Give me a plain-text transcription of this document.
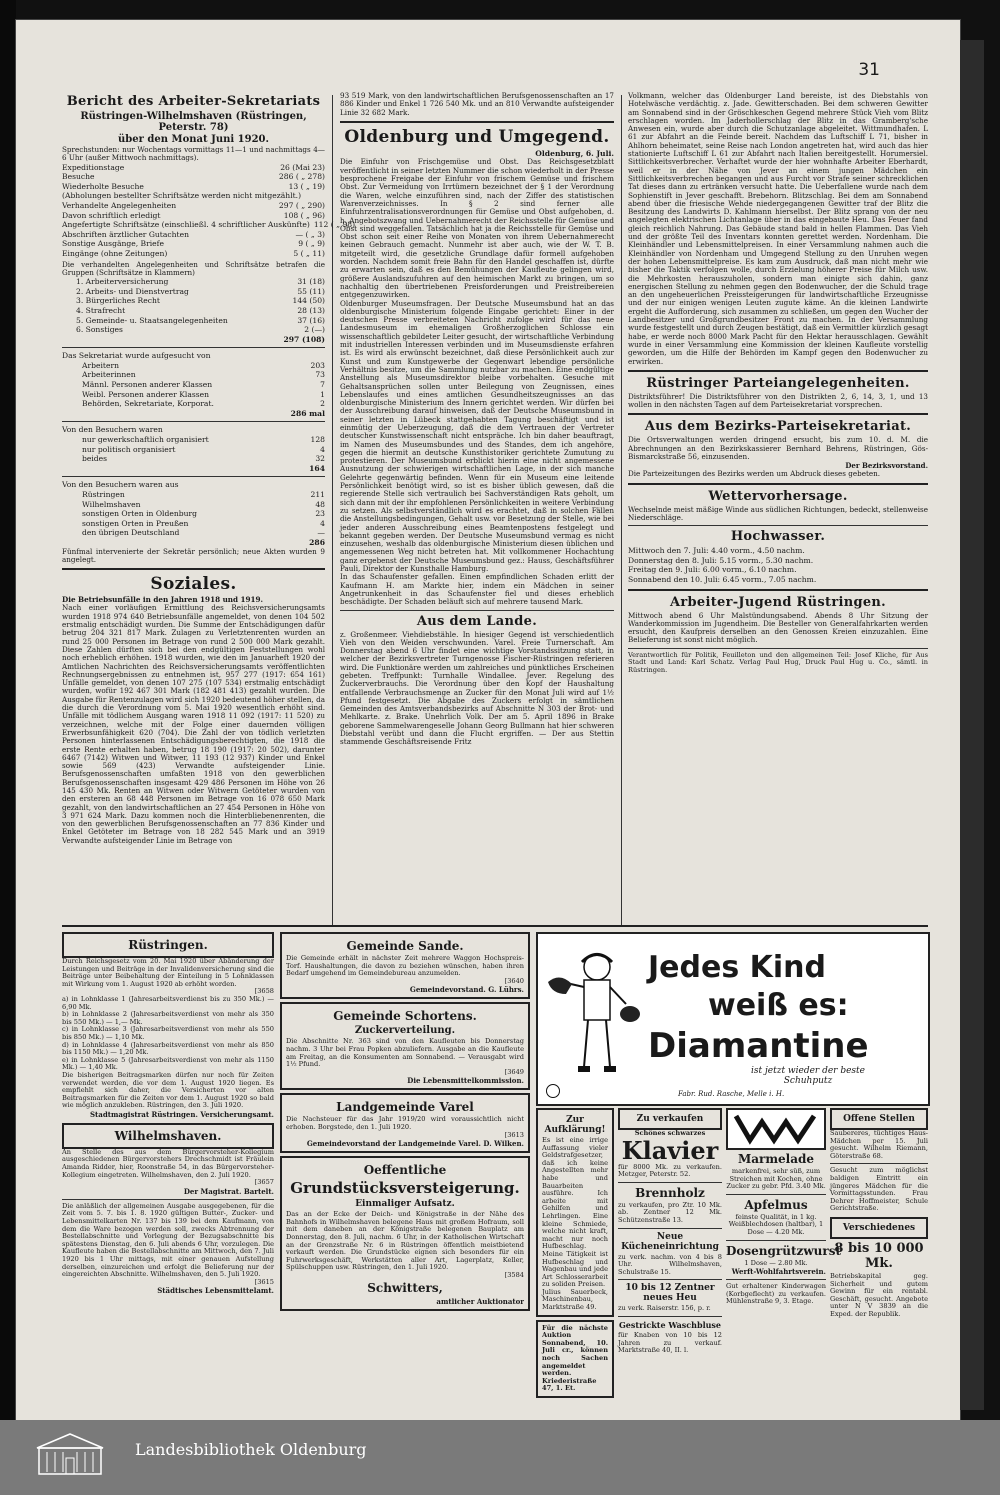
31
Bericht des Arbeiter-Sekretariats
Rüstringen-Wilhelmshaven (Rüstringen, Peterstr. 78)
über den Monat Juni 1920.
Sprechstunden: nur Wochentags vormittags 11—1 und nachmittags 4—6 Uhr (außer Mittwoch nachmittags).
Expeditionstage	26 (Mai 23)
Besuche	286 ( „ 278)
Wiederholte Besuche	13 ( „ 19)
(Abholungen bestellter Schriftsätze werden nicht mitgezählt.)
Verhandelte Angelegenheiten	297 ( „ 290)
Davon schriftlich erledigt	108 ( „ 96)
Angefertigte Schriftsätze (einschließl. 4 schriftlicher Auskünfte) 112 ( „ 98)
Abschriften ärztlicher Gutachten	— ( „ 3)
Sonstige Ausgänge, Briefe	9 ( „ 9)
Eingänge (ohne Zeitungen)	5 ( „ 11)
Die verhandelten Angelegenheiten und Schriftsätze betrafen die Gruppen (Schriftsätze in Klammern)
1. Arbeiterversicherung	31 (18)
2. Arbeits- und Dienstvertrag	55 (11)
3. Bürgerliches Recht	144 (50)
4. Strafrecht	28 (13)
5. Gemeinde- u. Staatsangelegenheiten	37 (16)
6. Sonstiges	2 (—)
297 (108)
Das Sekretariat wurde aufgesucht von
Arbeitern	203
Arbeiterinnen	73
Männl. Personen anderer Klassen	7
Weibl. Personen anderer Klassen	1
Behörden, Sekretariate, Korporat.	2
286 mal
Von den Besuchern waren
nur gewerkschaftlich organisiert	128
nur politisch organisiert	4
beides	32
164
Von den Besuchern waren aus
Rüstringen	211
Wilhelmshaven	48
sonstigen Orten in Oldenburg	23
sonstigen Orten in Preußen	4
den übrigen Deutschland	—
286
Fünfmal intervenierte der Sekretär persönlich; neue Akten wurden 9 angelegt.
Soziales.
Die Betriebsunfälle in den Jahren 1918 und 1919.
Nach einer vorläufigen Ermittlung des Reichsversicherungsamts wurden 1918 974 640 Betriebsunfälle angemeldet, von denen 104 502 erstmalig entschädigt wurden. Die Summe der Entschädigungen dafür betrug 204 321 817 Mark. Zulagen zu Verletztenrenten wurden an rund 25 000 Personen im Betrage von rund 2 500 000 Mark gezahlt. Diese Zahlen dürften sich bei den endgültigen Feststellungen wohl noch erheblich erhöhen. 1918 wurden, wie den im Januarheft 1920 der Amtlichen Nachrichten des Reichsversicherungsamts veröffentlichten Rechnungsergebnissen zu entnehmen ist, 957 277 (1917: 654 161) Unfälle gemeldet, von denen 107 275 (107 534) erstmalig entschädigt wurden, wofür 192 467 301 Mark (182 481 413) gezahlt wurden. Die Ausgabe für Rentenzulagen wird sich 1920 bedeutend höher stellen, da die durch die Verordnung vom 5. Mai 1920 wesentlich erhöht sind. Unfälle mit tödlichem Ausgang waren 1918 11 092 (1917: 11 520) zu verzeichnen, welche mit der Folge einer dauernden völligen Erwerbsunfähigkeit 620 (704). Die Zahl der von tödlich verletzten Personen hinterlassenen Entschädigungsberechtigten, die 1918 die erste Rente erhalten haben, betrug 18 190 (1917: 20 502), darunter 6467 (7142) Witwen und Witwer, 11 193 (12 937) Kinder und Enkel sowie 569 (423) Verwandte aufsteigender Linie. Berufsgenossenschaften umfaßten 1918 von den gewerblichen Berufsgenossenschaften insgesamt 429 486 Personen im Höhe von 26 145 430 Mk. Renten an Witwen oder Witwern Getöteter wurden von den ersteren an 68 448 Personen im Betrage von 16 078 650 Mark gezahlt, von den landwirtschaftlichen an 27 454 Personen in Höhe von 3 971 624 Mark. Dazu kommen noch die Hinterbliebenenrenten, die von den gewerblichen Berufsgenossenschaften an 77 836 Kinder und Enkel Getöteter im Betrage von 18 282 545 Mark und an 3919 Verwandte aufsteigender Linie im Betrage von
93 519 Mark, von den landwirtschaftlichen Berufsgenossenschaften an 17 886 Kinder und Enkel 1 726 540 Mk. und an 810 Verwandte aufsteigender Linie 32 682 Mark.
Oldenburg und Umgegend.
Oldenburg, 6. Juli.
Die Einfuhr von Frischgemüse und Obst. Das Reichsgesetzblatt veröffentlicht in seiner letzten Nummer die schon wiederholt in der Presse besprochene Freigabe der Einfuhr von frischem Gemüse und frischem Obst. Zur Vermeidung von Irrtümern bezeichnet der § 1 der Verordnung die Waren, welche einzuführen sind, nach der Ziffer des statistischen Warenverzeichnisses. In § 2 sind ferner alle Einfuhrzentralisationsverordnungen für Gemüse und Obst aufgehoben, d. h. Angebotszwang und Uebernahmerecht der Reichsstelle für Gemüse und Obst sind weggefallen. Tatsächlich hat ja die Reichsstelle für Gemüse und Obst schon seit einer Reihe von Monaten von ihrem Uebernahmerecht keinen Gebrauch gemacht. Nunmehr ist aber auch, wie der W. T. B. mitgeteilt wird, die gesetzliche Grundlage dafür formell aufgehoben worden. Nachdem somit freie Bahn für den Handel geschaffen ist, dürfte zu erwarten sein, daß es den Bemühungen der Kaufleute gelingen wird, größere Auslandszufuhren auf den heimischen Markt zu bringen, um so nachhaltig den übertriebenen Preisforderungen und Preistreibereien entgegenzuwirken.
Oldenburger Museumsfragen. Der Deutsche Museumsbund hat an das oldenburgische Ministerium folgende Eingabe gerichtet: Einer in der deutschen Presse verbreiteten Nachricht zufolge wird für das neue Landesmuseum im ehemaligen Großherzoglichen Schlosse ein wissenschaftlich gebildeter Leiter gesucht, der wirtschaftliche Verbindung mit industriellen Interessen verbinden und im Museumsdienste erfahren ist. Es wird als erwünscht bezeichnet, daß diese Persönlichkeit auch zur Kunst und zum Kunstgewerbe der Gegenwart lebendige persönliche Verhältnis besitze, um die Sammlung nutzbar zu machen. Eine endgültige Anstellung als Museumsdirektor bleibe vorbehalten. Gesuche mit Gehaltsansprüchen sollen unter Beilegung von Zeugnissen, eines Lebenslaufes und eines amtlichen Gesundheitszeugnisses an das oldenburgische Ministerium des Innern gerichtet werden. Wir dürfen bei der Ausschreibung darauf hinweisen, daß der Deutsche Museumsbund in seiner letzten in Lübeck stattgehabten Tagung beschäftigt und ist einmütig der Ueberzeugung, daß die dem Vertrauen der Vertreter deutscher Kunstwissenschaft nicht entspräche. Ich bin daher beauftragt, im Namen des Museumsbundes und des Standes, dem ich angehöre, gegen die hiermit an deutsche Kunsthistoriker gerichtete Zumutung zu protestieren. Der Museumsbund erblickt hierin eine nicht angemessene Ausnutzung der schwierigen wirtschaftlichen Lage, in der sich manche Gelehrte gegenwärtig befinden. Wenn für ein Museum eine leitende Persönlichkeit benötigt wird, so ist es bisher üblich gewesen, daß die regierende Stelle sich vertraulich bei Sachverständigen Rats geholt, um sich dann mit der ihr empfohlenen Persönlichkeiten in weitere Verbindung zu setzen. Als selbstverständlich wird es erachtet, daß in solchen Fällen die Anstellungsbedingungen, Gehalt usw. vor Besetzung der Stelle, wie bei jeder anderen Ausschreibung eines Beamtenpostens festgelegt und bekannt gegeben werden. Der Deutsche Museumsbund vermag es nicht einzusehen, weshalb das oldenburgische Ministerium diesen üblichen und angemessenen Weg nicht betreten hat. Mit vollkommener Hochachtung ganz ergebenst der Deutsche Museumsbund gez.: Hauss, Geschäftsführer Pauli, Direktor der Kunsthalle Hamburg.
In das Schaufenster gefallen. Einen empfindlichen Schaden erlitt der Kaufmann H. am Markte hier, indem ein Mädchen in seiner Angetrunkenheit in das Schaufenster fiel und dieses erheblich beschädigte. Der Schaden beläuft sich auf mehrere tausend Mark.
Aus dem Lande.
z. Großenmeer. Viehdiebstähle. In hiesiger Gegend ist verschiedentlich Vieh von den Weiden verschwunden. Varel. Freie Turnerschaft. Am Donnerstag abend 6 Uhr findet eine wichtige Vorstandssitzung statt, in welcher der Bezirksvertreter Turngenosse Fischer-Rüstringen referieren wird. Die Funktionäre werden um zahlreiches und pünktliches Erscheinen gebeten. Treffpunkt: Turnhalle Windallee. Jever. Regelung des Zuckerverbrauchs. Die Verordnung über den Kopf der Haushaltung entfallende Verbrauchsmenge an Zucker für den Monat Juli wird auf 1½ Pfund festgesetzt. Die Abgabe des Zuckers erfolgt in sämtlichen Gemeinden des Amtsverbandsbezirks auf Abschnitte N 303 der Brot- und Mehlkarte. z. Brake. Unehrlich Volk. Der am 5. April 1896 in Brake geborene Sammelwarengeselle Johann Georg Bullmann hat hier schweren Diebstahl verübt und dann die Flucht ergriffen. — Der aus Stettin stammende Geschäftsreisende Fritz
Volkmann, welcher das Oldenburger Land bereiste, ist des Diebstahls von Hotelwäsche verdächtig. z. Jade. Gewitterschaden. Bei dem schweren Gewitter am Sonnabend sind in der Gröschkeschen Gegend mehrere Stück Vieh vom Blitz erschlagen worden. Im Jaderhollerschlag der Blitz in das Gramberg'sche Anwesen ein, wurde aber durch die Schutzanlage abgeleitet. Wittmundhafen. L 61 zur Abfahrt an die Feinde bereit. Nachdem das Luftschiff L 71, bisher in Ahlhorn beheimatet, seine Reise nach London angetreten hat, wird auch das hier stationierte Luftschiff L 61 zur Abfahrt nach Italien bereitgestellt. Horumersiel. Sittlichkeitsverbrecher. Verhaftet wurde der hier wohnhafte Arbeiter Eberhardt, weil er in der Nähe von Jever an einem jungen Mädchen ein Sittlichkeitsverbrechen begangen und aus Furcht vor Strafe seiner schrecklichen Tat dieses dann zu ertränken versucht hatte. Die Ueberfallene wurde nach dem Sophienstift in Jever geschafft. Brebehorn. Blitzschlag. Bei dem am Sonnabend abend über die friesische Wehde niedergegangenen Gewitter traf der Blitz die Besitzung des Landwirts D. Kahlmann hierselbst. Der Blitz sprang von der neu angelegten elektrischen Lichtanlage über in das eingebaute Heu. Das Feuer fand gleich reichlich Nahrung. Das Gebäude stand bald in hellen Flammen. Das Vieh und der größte Teil des Inventars konnten gerettet werden. Nordenham. Die Kleinhändler und Lebensmittelpreisen. In einer Versammlung nahmen auch die Kleinhändler von Nordenham und Umgegend Stellung zu den Unruhen wegen der hohen Lebensmittelpreise. Es kam zum Ausdruck, daß man nicht mehr wie bisher die Taktik verfolgen wolle, durch Erzielung höherer Preise für Milch usw. die Mehrkosten herauszuholen, sondern man einigte sich dahin, ganz energischen Stellung zu nehmen gegen den Bodenwucher, der die Schuld trage an den ungeheuerlichen Preissteigerungen für landwirtschaftliche Erzeugnisse und der nur einigen wenigen Leuten zugute käme. An die kleinen Landwirte ergeht die Aufforderung, sich zusammen zu schließen, um gegen den Wucher der Landbesitzer und Großgrundbesitzer Front zu machen. In der Versammlung wurde festgestellt und durch Zeugen bestätigt, daß ein Vermittler kürzlich gesagt habe, er werde noch 8000 Mark Pacht für den Hektar herausschlagen. Gewählt wurde in einer Versammlung eine Kommission der kleinen Kaufleute vorstellig geworden, um die Hilfe der Behörden im Kampf gegen den Bodenwucher zu erwirken.
Rüstringer Parteiangelegenheiten.
Distriktsführer! Die Distriktsführer von den Distrikten 2, 6, 14, 3, 1, und 13 wollen in den nächsten Tagen auf dem Parteisekretariat vorsprechen.
Aus dem Bezirks-Parteisekretariat.
Die Ortsverwaltungen werden dringend ersucht, bis zum 10. d. M. die Abrechnungen an den Bezirkskassierer Bernhard Behrens, Rüstringen, Gös-Bismarckstraße 56, einzusenden.
Der Bezirksvorstand.
Die Parteizeitungen des Bezirks werden um Abdruck dieses gebeten.
Wettervorhersage.
Wechselnde meist mäßige Winde aus südlichen Richtungen, bedeckt, stellenweise Niederschläge.
Hochwasser.
Mittwoch den 7. Juli: 4.40 vorm., 4.50 nachm.
Donnerstag den 8. Juli: 5.15 vorm., 5.30 nachm.
Freitag den 9. Juli: 6.00 vorm., 6.10 nachm.
Sonnabend den 10. Juli: 6.45 vorm., 7.05 nachm.
Arbeiter-Jugend Rüstringen.
Mittwoch abend 6 Uhr Malstündungsabend. Abends 8 Uhr Sitzung der Wanderkommission im Jugendheim. Die Besteller von Generalfahrkarten werden ersucht, den Kaufpreis derselben an den Genossen Kreien einzuzahlen. Eine Belieferung ist sonst nicht möglich.
Verantwortlich für Politik, Feuilleton und den allgemeinen Teil: Josef Kliche, für Aus Stadt und Land: Karl Schatz. Verlag Paul Hug, Druck Paul Hug u. Co., sämtl. in Rüstringen.
Rüstringen.
Durch Reichsgesetz vom 20. Mai 1920 über Abänderung der Leistungen und Beiträge in der Invalidenversicherung sind die Beiträge unter Beibehaltung der Einteilung in 5 Lohnklassen mit Wirkung vom 1. August 1920 ab erhöht worden.
[3658
a) in Lohnklasse 1 (Jahresarbeitsverdienst bis zu 350 Mk.) — 6,90 Mk.
b) in Lohnklasse 2 (Jahresarbeitsverdienst von mehr als 350 bis 550 Mk.) — 1,— Mk.
c) in Lohnklasse 3 (Jahresarbeitsverdienst von mehr als 550 bis 850 Mk.) — 1,10 Mk.
d) in Lohnklasse 4 (Jahresarbeitsverdienst von mehr als 850 bis 1150 Mk.) — 1,20 Mk.
e) in Lohnklasse 5 (Jahresarbeitsverdienst von mehr als 1150 Mk.) — 1,40 Mk.
Die bisherigen Beitragsmarken dürfen nur noch für Zeiten verwendet werden, die vor dem 1. August 1920 liegen. Es empfiehlt sich daher, die Versicherten vor alten Beitragsmarken für die Zeiten vor dem 1. August 1920 so bald wie möglich anzukleben. Rüstringen, den 3. Juli 1920.
Stadtmagistrat Rüstringen. Versicherungsamt.
Wilhelmshaven.
An Stelle des aus dem Bürgervorsteher-Kollegium ausgeschiedenen Bürgervorstehers Drechschmidt ist Fräulein Amanda Ridder, hier, Roonstraße 54, in das Bürgervorsteher-Kollegium eingetreten. Wilhelmshaven, den 2. Juli 1920.
[3657
Der Magistrat. Bartelt.
Die anläßlich der allgemeinen Ausgabe ausgegebenen, für die Zeit vom 5. 7. bis 1. 8. 1920 gültigen Butter-, Zucker- und Lebensmittelkarten Nr. 137 bis 139 bei dem Kaufmann, von dem die Ware bezogen werden soll, zwecks Abtrennung der Bestellabschnitte und Vorlegung der Bezugsabschnitte bis spätestens Dienstag, den 6. Juli abends 6 Uhr, vorzulegen. Die Kaufleute haben die Bestellabschnitte am Mittwoch, den 7. Juli 1920 bis 1 Uhr mittags, mit einer genauen Aufstellung derselben, einzureichen und erfolgt die Belieferung nur der eingereichten Abschnitte. Wilhelmshaven, den 5. Juli 1920.
[3615
Städtisches Lebensmittelamt.
Gemeinde Sande.
Die Gemeinde erhält in nächster Zeit mehrere Waggon Hochspreis-Torf. Haushaltungen, die davon zu beziehen wünschen, haben ihren Bedarf umgehend im Gemeindebureau anzumelden.
[3640
Gemeindevorstand. G. Lührs.
Gemeinde Schortens.
Zuckerverteilung.
Die Abschnitte Nr. 363 sind von den Kaufleuten bis Donnerstag nachm. 3 Uhr bei Frau Popken abzuliefern. Ausgabe an die Kaufleute am Freitag, an die Konsumenten am Sonnabend. — Verausgabt wird 1½ Pfund.
[3649
Die Lebensmittelkommission.
Landgemeinde Varel
Die Nachsteuer für das Jahr 1919/20 wird voraussichtlich nicht erhoben. Borgstede, den 1. Juli 1920.
[3613
Gemeindevorstand der Landgemeinde Varel. D. Wilken.
Oeffentliche
Grundstücksversteigerung.
Einmaliger Aufsatz.
Das an der Ecke der Deich- und Königstraße in der Nähe des Bahnhofs in Wilhelmshaven belegene Haus mit großem Hofraum, soll mit dem daneben an der Königstraße belegenen Bauplatz am Donnerstag, den 8. Juli, nachm. 6 Uhr, in der Katholischen Wirtschaft an der Grenzstraße Nr. 6 in Rüstringen öffentlich meistbietend verkauft werden. Die Grundstücke eignen sich besonders für ein Fuhrwerksgeschäft, Werkstätten aller Art, Lagerplatz, Keller, Spülschuppen usw. Rüstringen, den 1. Juli 1920.
[3584
Schwitters,
amtlicher Auktionator
Jedes Kind
weiß es:
Diamantine
ist jetzt wieder der beste Schuhputz
Fabr. Rud. Rasche, Melle i. H.
Zur Aufklärung!
Es ist eine irrige Auffassung vieler Geldstrafgesetzer, daß ich keine Angestellten mehr habe und Bauarbeiten ausführe. Ich arbeite mit Gehilfen und Lehrlingen. Eine kleine Schmiede, welche nicht kraft, macht nur noch Hufbeschlag. Meine Tätigkeit ist Hufbeschlag und Wagenbau und jede Art Schlosserarbeit zu soliden Preisen.
Julius Sauerbeck, Maschinenbau, Marktstraße 49.
Für die nächste Auktion Sonnabend, 10. Juli cr., können noch Sachen angemeldet werden. Kriederistraße 47, 1. Et.
Zu verkaufen
Schönes schwarzes
Klavier
für 8000 Mk. zu verkaufen. Metzger, Peterstr. 52.
Brennholz
zu verkaufen, pro Ztr. 10 Mk. ab. Zentner 12 Mk. Schützenstraße 13.
Neue Kücheneinrichtung
zu verk. nachm. von 4 bis 8 Uhr. Wilhelmshaven, Schulstraße 15.
10 bis 12 Zentner neues Heu
zu verk. Raiserstr. 156, p. r.
Gestrickte Waschbluse
für Knaben von 10 bis 12 Jahren zu verkauf. Marktstraße 40, II. l.
Marmelade
markenfrei, sehr süß, zum Streichen mit Kochen, ohne Zucker zu gebr. Pfd. 3.40 Mk.
Apfelmus
feinste Qualität, in 1 kg. Weißblechdosen (haltbar), 1 Dose — 4.20 Mk.
Dosengrützwurst
1 Dose — 2.80 Mk.
Werft-Wohlfahrtsverein.
Gut erhaltener Kinderwagen (Korbgeflecht) zu verkaufen. Mühlenstraße 9, 3. Etage.
Offene Stellen
Saubereres, tüchtiges Haus-Mädchen per 15. Juli gesucht. Wilhelm Riemann, Göterstraße 68.
Gesucht zum möglichst baldigen Eintritt ein jüngeres Mädchen für die Vormittagsstunden. Frau Dehrer Hoffmeister, Schule Gerichtstraße.
Verschiedenes
8 bis 10 000 Mk.
Betriebskapital geg. Sicherheit und gutem Gewinn für ein rentabl. Geschäft, gesucht. Angebote unter N V 3839 an die Exped. der Republik.
Landesbibliothek Oldenburg
